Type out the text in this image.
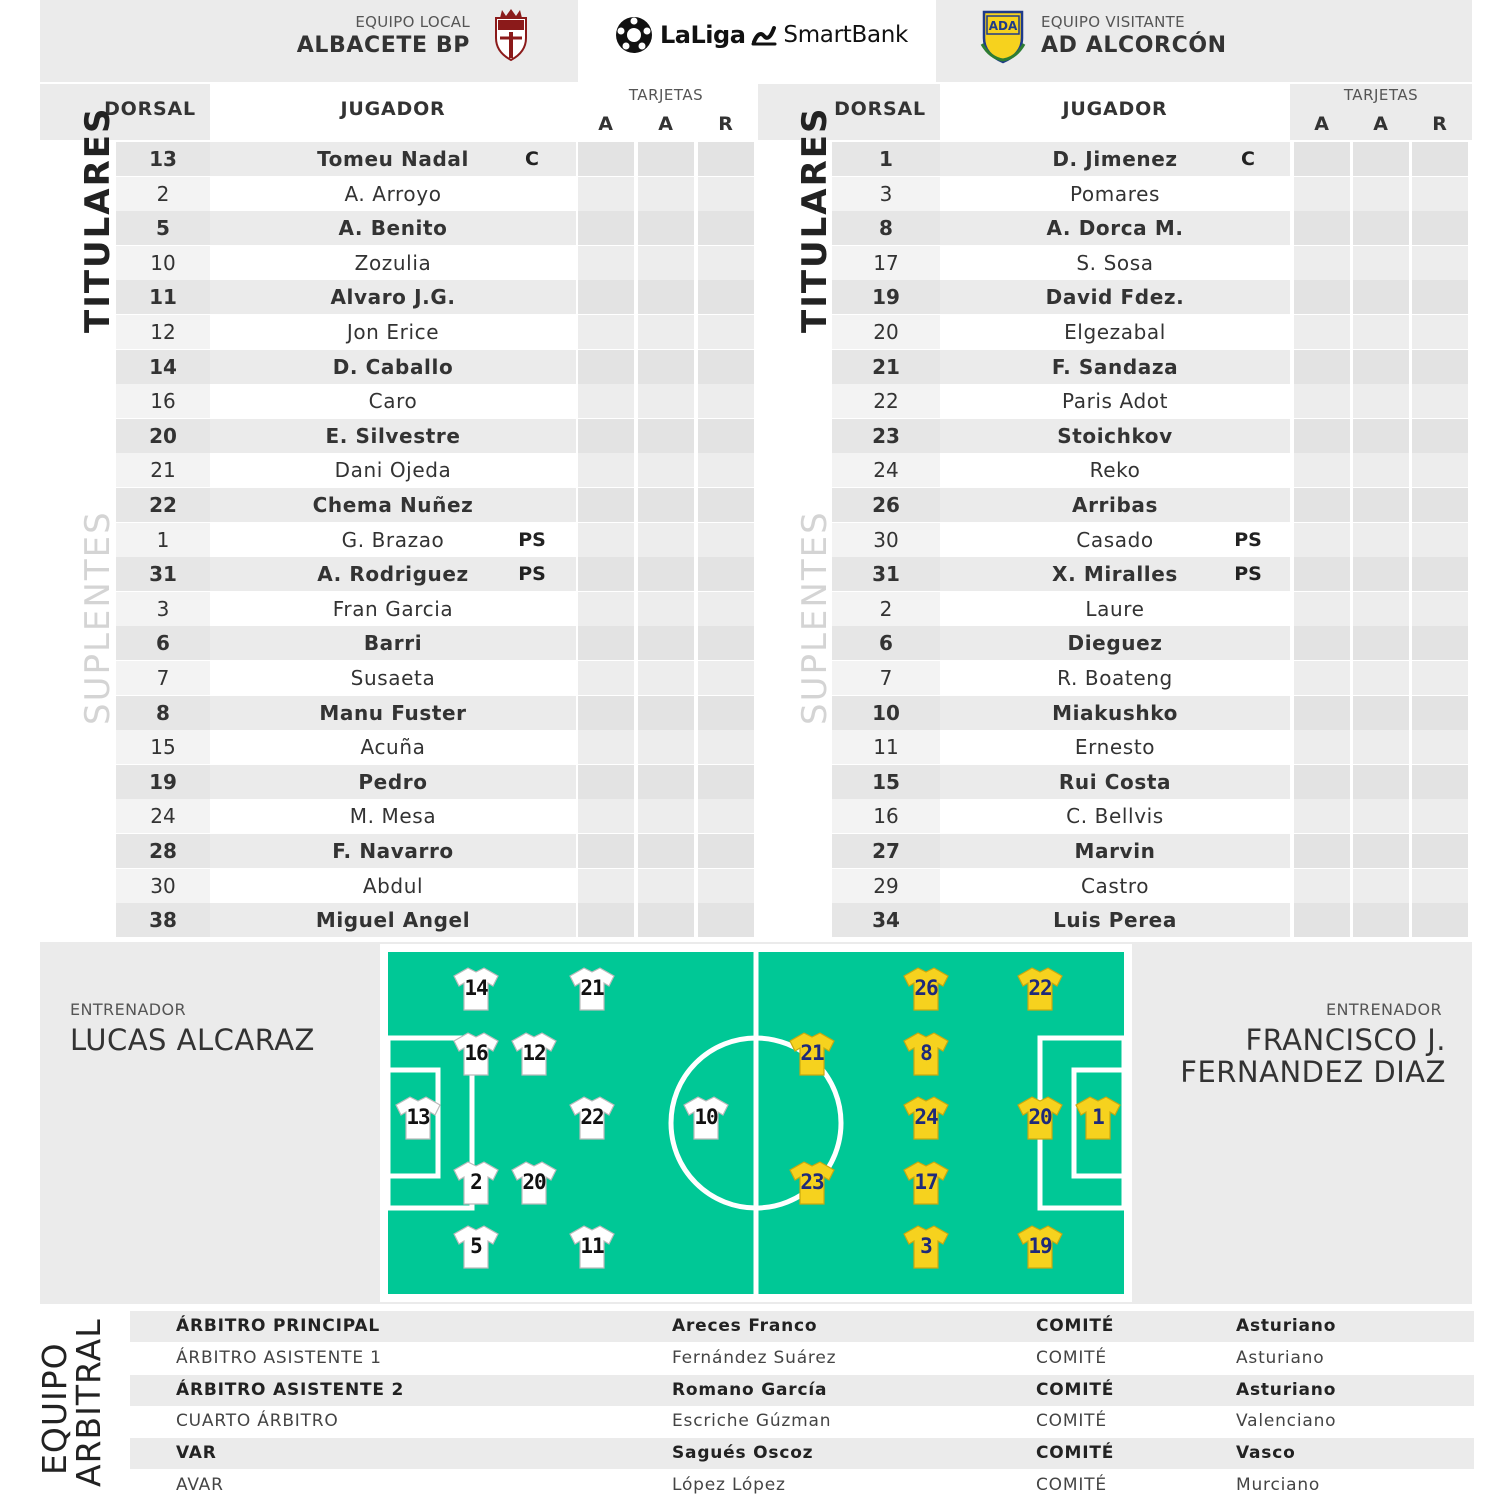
EQUIPO LOCAL
ALBACETE BP	LaLiga SmartBank	ADA EQUIPO VISITANTE
AD ALCORCÓN
DORSAL	JUGADOR
TARJETAS
A	A	R
13	Tomeu Nadal	C
2	A. Arroyo
5	A. Benito
10	Zozulia
11	Alvaro J.G.
12	Jon Erice
14	D. Caballo
16	Caro
20	E. Silvestre
21	Dani Ojeda
22	Chema Nuñez
1	G. Brazao	PS
31	A. Rodriguez	PS
3	Fran Garcia
6	Barri
7	Susaeta
8	Manu Fuster
15	Acuña
19	Pedro
24	M. Mesa
28	F. Navarro
30	Abdul
38	Miguel Angel
DORSAL	JUGADOR
TARJETAS
A	A	R
1	D. Jimenez	C
3	Pomares
8	A. Dorca M.
17	S. Sosa
19	David Fdez.
20	Elgezabal
21	F. Sandaza
22	Paris Adot
23	Stoichkov
24	Reko
26	Arribas
30	Casado	PS
31	X. Miralles	PS
2	Laure
6	Dieguez
7	R. Boateng
10	Miakushko
11	Ernesto
15	Rui Costa
16	C. Bellvis
27	Marvin
29	Castro
34	Luis Perea
TITULARES
SUPLENTES
TITULARES
SUPLENTES
ENTRENADOR
LUCAS ALCARAZ
ENTRENADOR
FRANCISCO J.
FERNANDEZ DIAZ
13
16
2
5
14
12
20
21
22
11
10	1
20
26
8
24
17
3
22
21
23
19
EQUIPO
ARBITRAL	ÁRBITRO PRINCIPAL	Areces Franco	COMITÉ	Asturiano
ÁRBITRO ASISTENTE 1	Fernández Suárez	COMITÉ	Asturiano
ÁRBITRO ASISTENTE 2	Romano García	COMITÉ	Asturiano
CUARTO ÁRBITRO	Escriche Gúzman	COMITÉ	Valenciano
VAR	Sagués Oscoz	COMITÉ	Vasco
AVAR	López López	COMITÉ	Murciano
